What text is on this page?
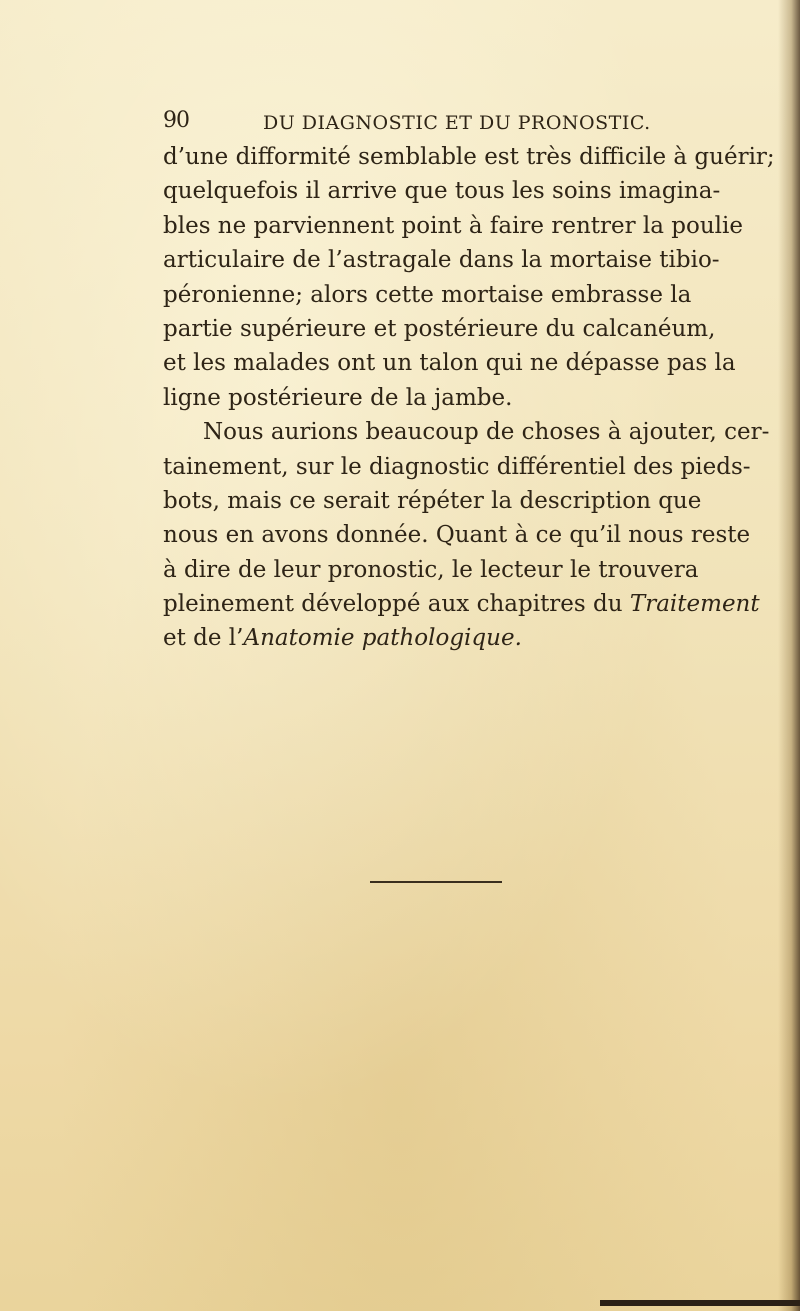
90	DU DIAGNOSTIC ET DU PRONOSTIC.
d’une difformité semblable est très difficile à guérir;
quelquefois il arrive que tous les soins imagina-
bles ne parviennent point à faire rentrer la poulie
articulaire de l’astragale dans la mortaise tibio-
péronienne; alors cette mortaise embrasse la
partie supérieure et postérieure du calcanéum,
et les malades ont un talon qui ne dépasse pas la
ligne postérieure de la jambe.
Nous aurions beaucoup de choses à ajouter, cer-
tainement, sur le diagnostic différentiel des pieds-
bots, mais ce serait répéter la description que
nous en avons donnée. Quant à ce qu’il nous reste
à dire de leur pronostic, le lecteur le trouvera
pleinement développé aux chapitres du Traitement
et de l’Anatomie pathologique.
